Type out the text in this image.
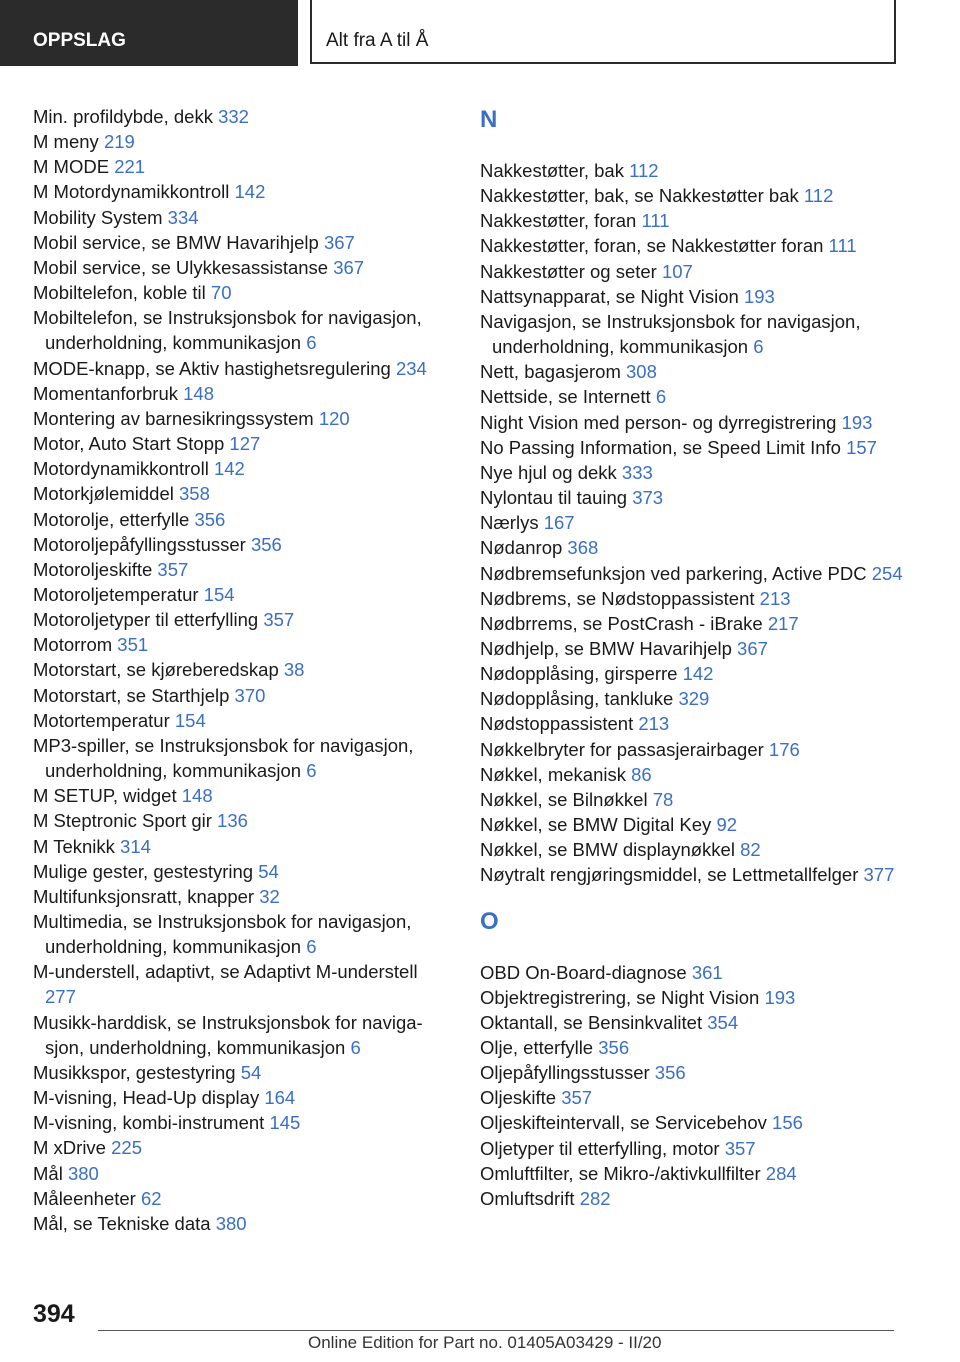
OPPSLAG	Alt fra A til Å
Min. profildybde, dekk 332
M meny 219
M MODE 221
M Motordynamikkontroll 142
Mobility System 334
Mobil service, se BMW Havarihjelp 367
Mobil service, se Ulykkesassistanse 367
Mobiltelefon, koble til 70
Mobiltelefon, se Instruksjonsbok for navigasjon, underholdning, kommunikasjon 6
MODE-knapp, se Aktiv hastighetsregulering 234
Momentanforbruk 148
Montering av barnesikringssystem 120
Motor, Auto Start Stopp 127
Motordynamikkontroll 142
Motorkjølemiddel 358
Motorolje, etterfylle 356
Motoroljepåfyllingsstusser 356
Motoroljeskifte 357
Motoroljetemperatur 154
Motoroljetyper til etterfylling 357
Motorrom 351
Motorstart, se kjøreberedskap 38
Motorstart, se Starthjelp 370
Motortemperatur 154
MP3-spiller, se Instruksjonsbok for navigasjon, underholdning, kommunikasjon 6
M SETUP, widget 148
M Steptronic Sport gir 136
M Teknikk 314
Mulige gester, gestestyring 54
Multifunksjonsratt, knapper 32
Multimedia, se Instruksjonsbok for navigasjon, underholdning, kommunikasjon 6
M-understell, adaptivt, se Adaptivt M-understell 277
Musikk-harddisk, se Instruksjonsbok for navigasjon, underholdning, kommunikasjon 6
Musikkspor, gestestyring 54
M-visning, Head-Up display 164
M-visning, kombi-instrument 145
M xDrive 225
Mål 380
Måleenheter 62
Mål, se Tekniske data 380
N
Nakkestøtter, bak 112
Nakkestøtter, bak, se Nakkestøtter bak 112
Nakkestøtter, foran 111
Nakkestøtter, foran, se Nakkestøtter foran 111
Nakkestøtter og seter 107
Nattsynapparat, se Night Vision 193
Navigasjon, se Instruksjonsbok for navigasjon, underholdning, kommunikasjon 6
Nett, bagasjerom 308
Nettside, se Internett 6
Night Vision med person- og dyrregistrering 193
No Passing Information, se Speed Limit Info 157
Nye hjul og dekk 333
Nylontau til tauing 373
Nærlys 167
Nødanrop 368
Nødbremsefunksjon ved parkering, Active PDC 254
Nødbrems, se Nødstoppassistent 213
Nødbrrems, se PostCrash - iBrake 217
Nødhjelp, se BMW Havarihjelp 367
Nødopplåsing, girsperre 142
Nødopplåsing, tankluke 329
Nødstoppassistent 213
Nøkkelbryter for passasjerairbager 176
Nøkkel, mekanisk 86
Nøkkel, se Bilnøkkel 78
Nøkkel, se BMW Digital Key 92
Nøkkel, se BMW displaynøkkel 82
Nøytralt rengjøringsmiddel, se Lettmetallfelger 377
O
OBD On-Board-diagnose 361
Objektregistrering, se Night Vision 193
Oktantall, se Bensinkvalitet 354
Olje, etterfylle 356
Oljepåfyllingsstusser 356
Oljeskifte 357
Oljeskifteintervall, se Servicebehov 156
Oljetyper til etterfylling, motor 357
Omluftfilter, se Mikro-/aktivkullfilter 284
Omluftsdrift 282
394
Online Edition for Part no. 01405A03429 - II/20
